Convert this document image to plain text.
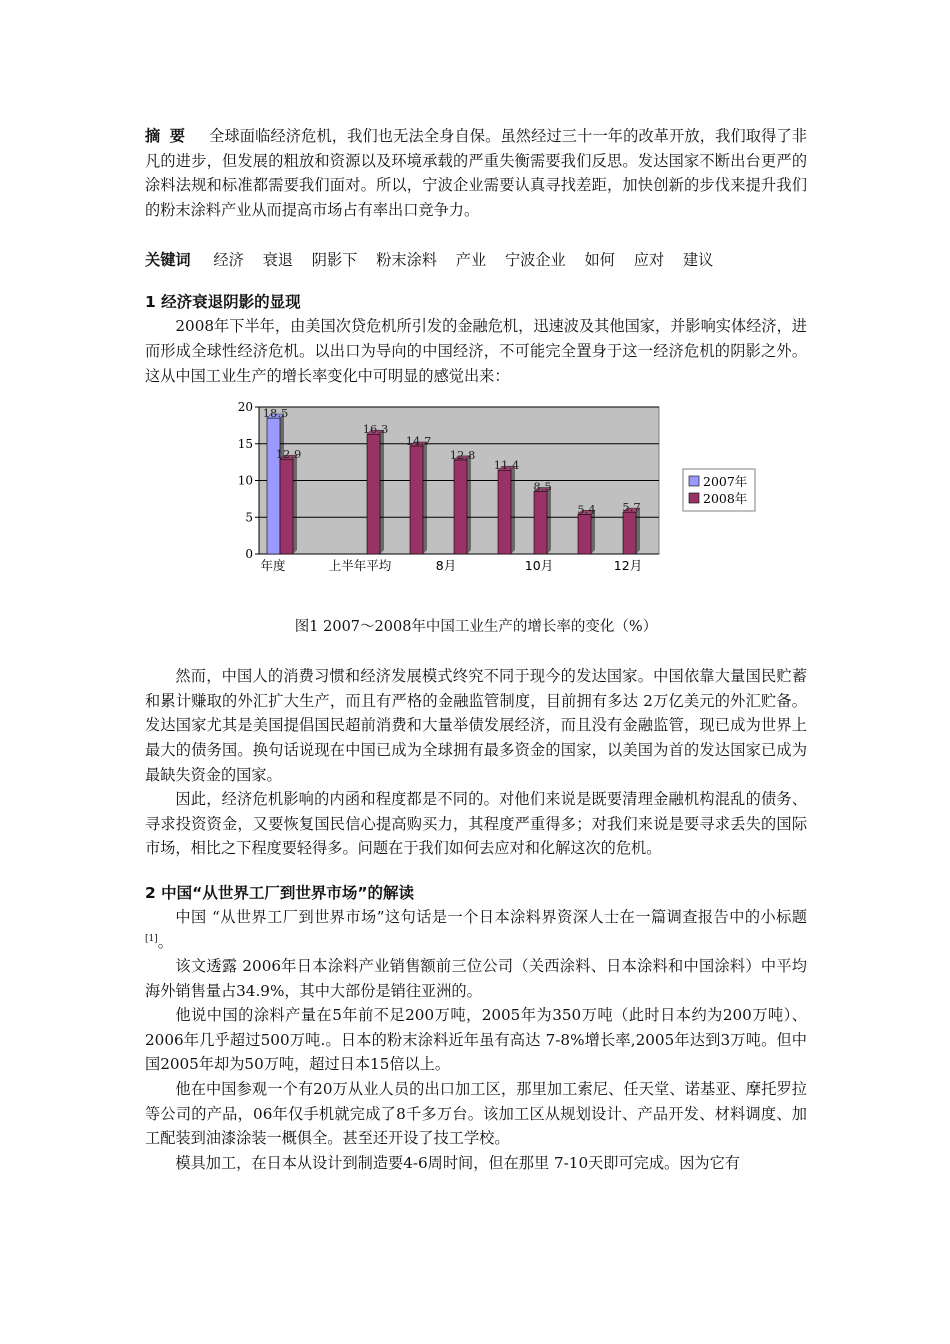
摘 要 全球面临经济危机，我们也无法全身自保。虽然经过三十一年的改革开放，我们取得了非凡的进步，但发展的粗放和资源以及环境承载的严重失衡需要我们反思。发达国家不断出台更严的涂料法规和标准都需要我们面对。所以，宁波企业需要认真寻找差距，加快创新的步伐来提升我们的粉末涂料产业从而提高市场占有率出口竞争力。

关键词 经济 衰退 阴影下 粉末涂料 产业 宁波企业 如何 应对 建议
1 经济衰退阴影的显现

2008年下半年，由美国次贷危机所引发的金融危机，迅速波及其他国家，并影响实体经济，进而形成全球性经济危机。以出口为导向的中国经济，不可能完全置身于这一经济危机的阴影之外。这从中国工业生产的增长率变化中可明显的感觉出来：

0
5
10
15
20 18.5
12.9
16.3
14.7
12.8
11.4
8.5
5.4 5.7
年度	上半年平均	8月	10月	12月
2007年
2008年

图1 2007～2008年中国工业生产的增长率的变化（%）

然而，中国人的消费习惯和经济发展模式终究不同于现今的发达国家。中国依靠大量国民贮蓄和累计赚取的外汇扩大生产，而且有严格的金融监管制度，目前拥有多达 2万亿美元的外汇贮备。发达国家尤其是美国提倡国民超前消费和大量举债发展经济，而且没有金融监管，现已成为世界上最大的债务国。换句话说现在中国已成为全球拥有最多资金的国家，以美国为首的发达国家已成为最缺失资金的国家。

因此，经济危机影响的内函和程度都是不同的。对他们来说是既要清理金融机构混乱的债务、寻求投资资金，又要恢复国民信心提高购买力，其程度严重得多；对我们来说是要寻求丢失的国际市场，相比之下程度要轻得多。问题在于我们如何去应对和化解这次的危机。

2 中国“从世界工厂到世界市场”的解读

中国 “从世界工厂到世界市场”这句话是一个日本涂料界资深人士在一篇调查报告中的小标题[1]。

该文透露 2006年日本涂料产业销售额前三位公司（关西涂料、日本涂料和中国涂料）中平均海外销售量占34.9%，其中大部份是销往亚洲的。

他说中国的涂料产量在5年前不足200万吨，2005年为350万吨（此时日本约为200万吨）、2006年几乎超过500万吨.。日本的粉末涂料近年虽有高达 7-8%增长率,2005年达到3万吨。但中国2005年却为50万吨，超过日本15倍以上。

他在中国参观一个有20万从业人员的出口加工区，那里加工索尼、任天堂、诺基亚、摩托罗拉等公司的产品，06年仅手机就完成了8千多万台。该加工区从规划设计、产品开发、材料调度、加工配装到油漆涂装一概俱全。甚至还开设了技工学校。

模具加工，在日本从设计到制造要4-6周时间，但在那里 7-10天即可完成。因为它有
